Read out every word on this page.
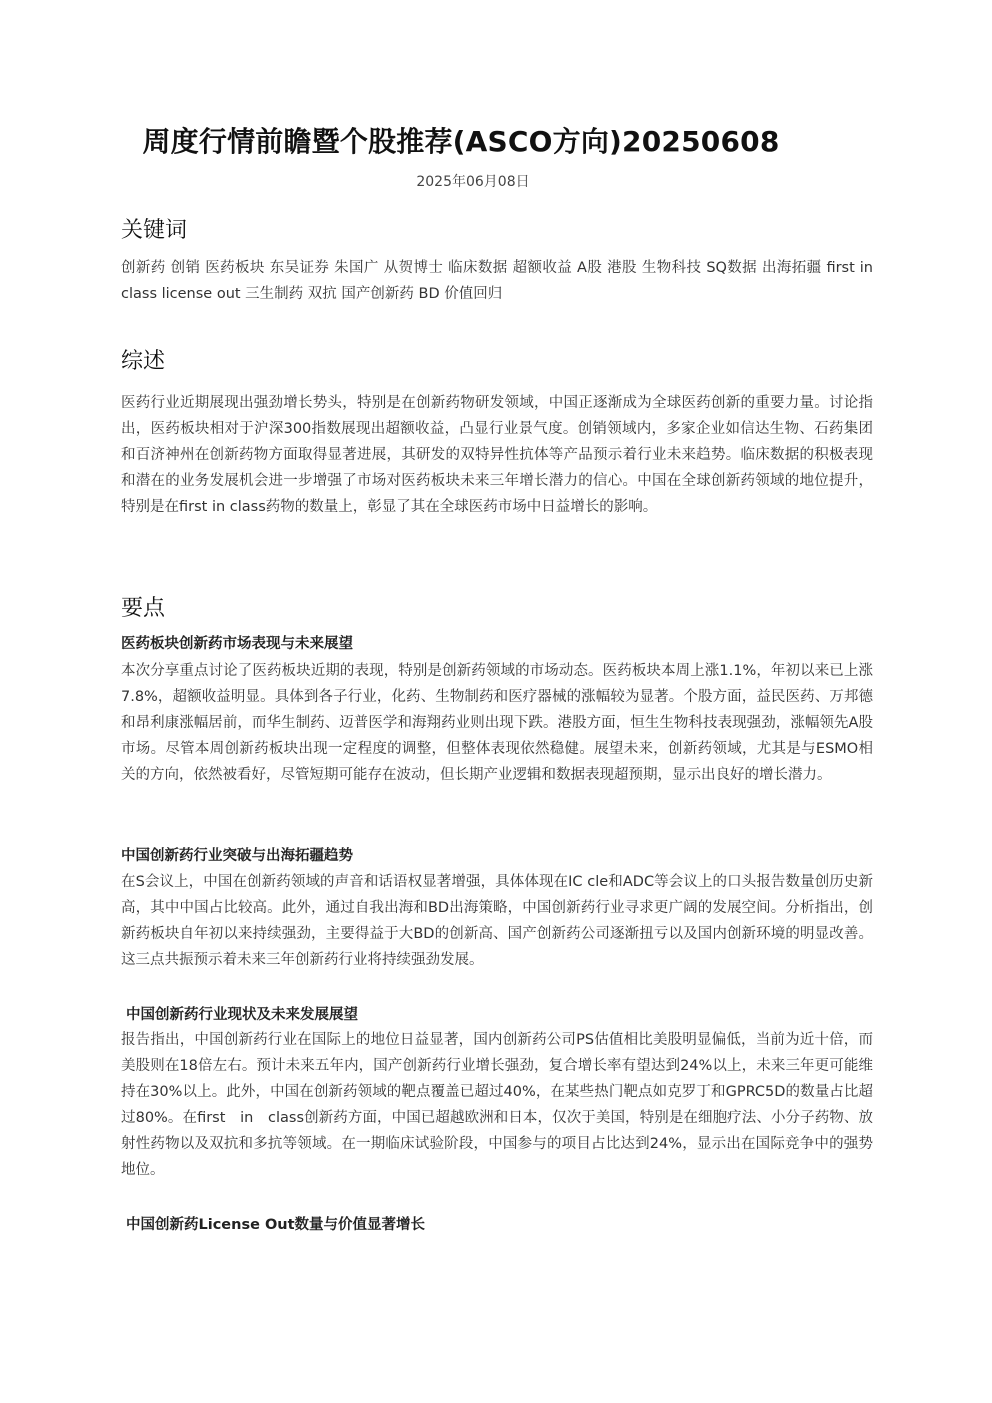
周度行情前瞻暨个股推荐(ASCO方向)20250608
2025年06月08日
关键词

创新药 创销 医药板块 东吴证券 朱国广 从贺博士 临床数据 超额收益 A股 港股 生物科技 SQ数据 出海拓疆 first in class license out 三生制药 双抗 国产创新药 BD 价值回归

综述

医药行业近期展现出强劲增长势头，特别是在创新药物研发领域，中国正逐渐成为全球医药创新的重要力量。讨论指出，医药板块相对于沪深300指数展现出超额收益，凸显行业景气度。创销领域内，多家企业如信达生物、石药集团和百济神州在创新药物方面取得显著进展，其研发的双特异性抗体等产品预示着行业未来趋势。临床数据的积极表现和潜在的业务发展机会进一步增强了市场对医药板块未来三年增长潜力的信心。中国在全球创新药领域的地位提升，特别是在first in class药物的数量上，彰显了其在全球医药市场中日益增长的影响。

要点
医药板块创新药市场表现与未来展望

本次分享重点讨论了医药板块近期的表现，特别是创新药领域的市场动态。医药板块本周上涨1.1%，年初以来已上涨7.8%，超额收益明显。具体到各子行业，化药、生物制药和医疗器械的涨幅较为显著。个股方面，益民医药、万邦德和昂利康涨幅居前，而华生制药、迈普医学和海翔药业则出现下跌。港股方面，恒生生物科技表现强劲，涨幅领先A股市场。尽管本周创新药板块出现一定程度的调整，但整体表现依然稳健。展望未来，创新药领域，尤其是与ESMO相关的方向，依然被看好，尽管短期可能存在波动，但长期产业逻辑和数据表现超预期，显示出良好的增长潜力。

中国创新药行业突破与出海拓疆趋势

在S会议上，中国在创新药领域的声音和话语权显著增强，具体体现在IC cle和ADC等会议上的口头报告数量创历史新高，其中中国占比较高。此外，通过自我出海和BD出海策略，中国创新药行业寻求更广阔的发展空间。分析指出，创新药板块自年初以来持续强劲，主要得益于大BD的创新高、国产创新药公司逐渐扭亏以及国内创新环境的明显改善。这三点共振预示着未来三年创新药行业将持续强劲发展。

中国创新药行业现状及未来发展展望

报告指出，中国创新药行业在国际上的地位日益显著，国内创新药公司PS估值相比美股明显偏低，当前为近十倍，而美股则在18倍左右。预计未来五年内，国产创新药行业增长强劲，复合增长率有望达到24%以上，未来三年更可能维持在30%以上。此外，中国在创新药领域的靶点覆盖已超过40%，在某些热门靶点如克罗丁和GPRC5D的数量占比超过80%。在first　in　class创新药方面，中国已超越欧洲和日本，仅次于美国，特别是在细胞疗法、小分子药物、放射性药物以及双抗和多抗等领域。在一期临床试验阶段，中国参与的项目占比达到24%，显示出在国际竞争中的强势地位。

中国创新药License Out数量与价值显著增长
